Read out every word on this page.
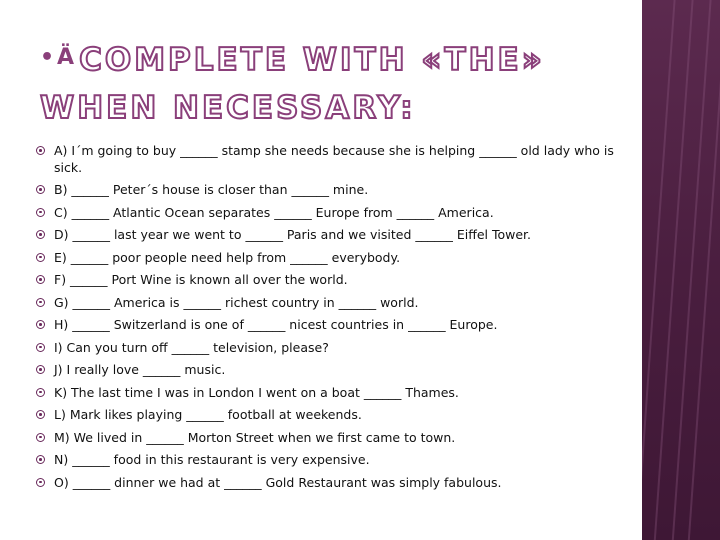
•ÄCOMPLETE WITH «THE» WHEN NECESSARY:
A) I´m going to buy ______ stamp she needs because she is helping ______ old lady who is sick.
B) ______ Peter´s house is closer than ______ mine.
C) ______ Atlantic Ocean separates ______ Europe from ______ America.
D) ______ last year we went to ______ Paris and we visited ______ Eiffel Tower.
E) ______ poor people need help from ______ everybody.
F) ______ Port Wine is known all over the world.
G) ______ America is ______ richest country in ______ world.
H) ______ Switzerland is one of ______ nicest countries in ______ Europe.
I) Can you turn off ______ television, please?
J) I really love ______ music.
K) The last time I was in London I went on a boat ______ Thames.
L) Mark likes playing ______ football at weekends.
M) We lived in ______ Morton Street when we first came to town.
N) ______ food in this restaurant is very expensive.
O) ______ dinner we had at ______ Gold Restaurant was simply fabulous.
